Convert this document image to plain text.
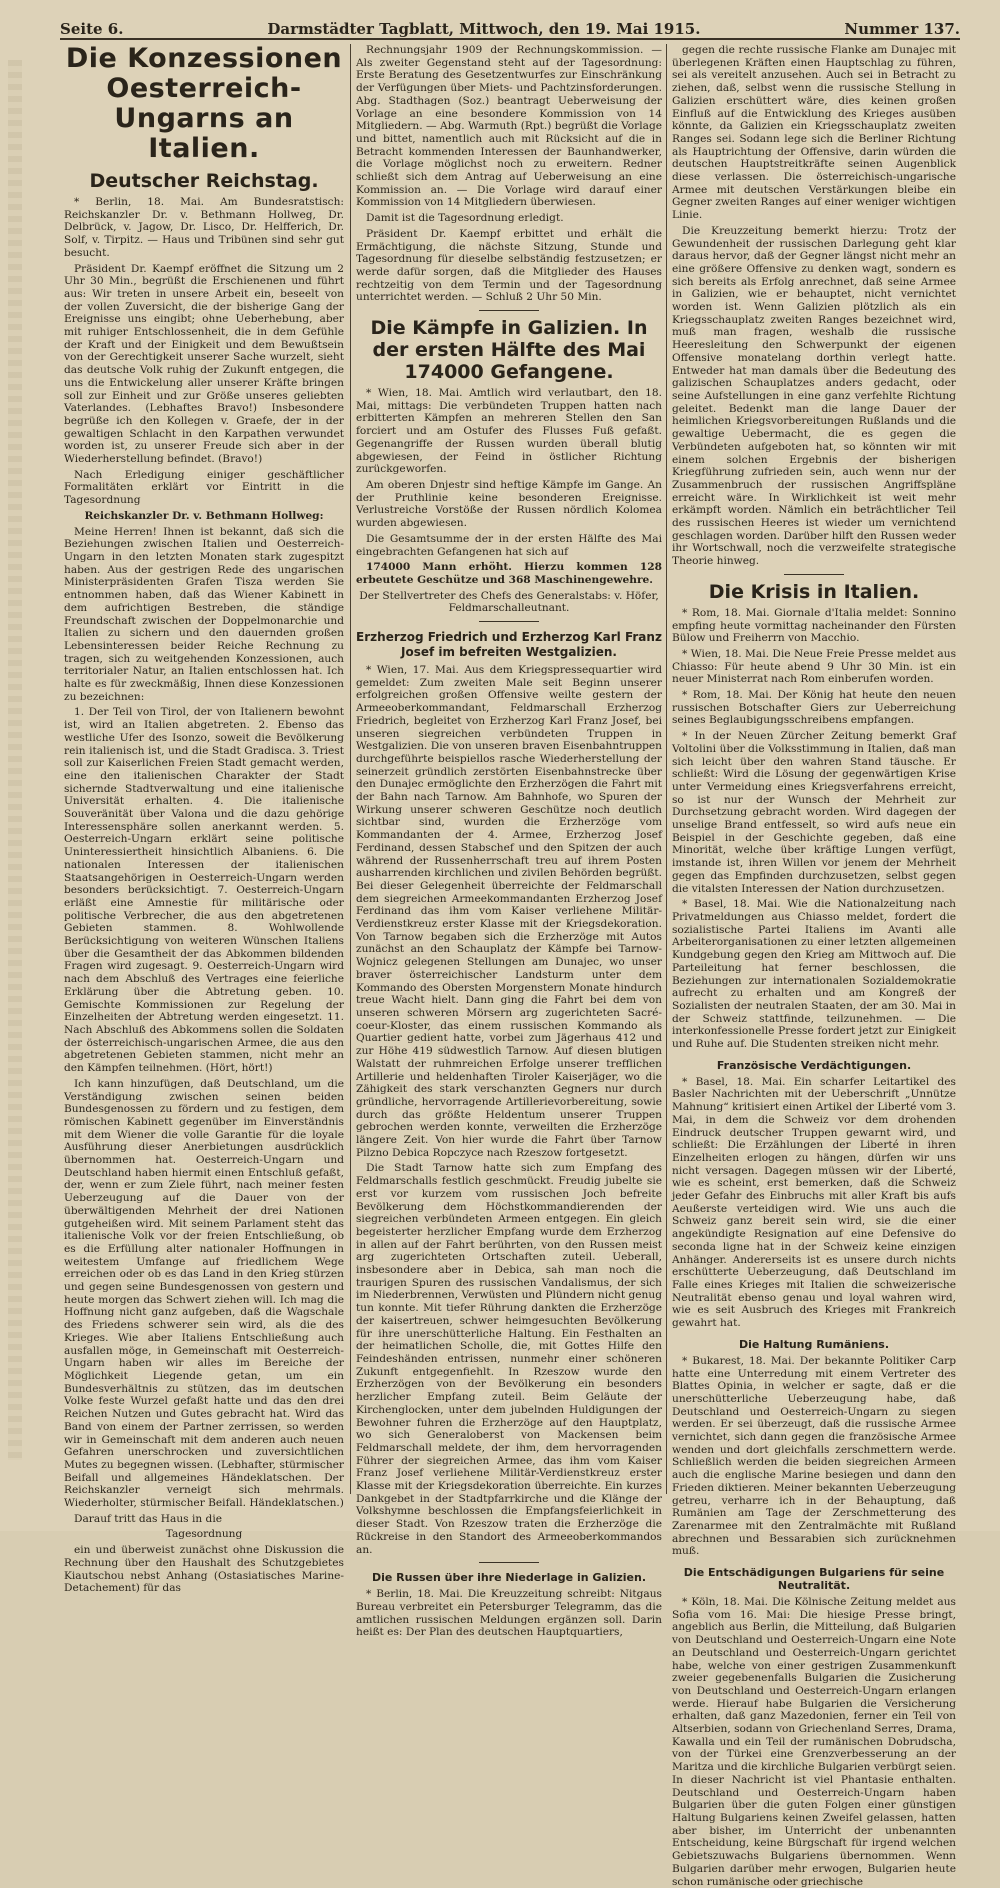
Seite 6.	Darmstädter Tagblatt, Mittwoch, den 19. Mai 1915.	Nummer 137.
Die Konzessionen Oesterreich-Ungarns an Italien.
Deutscher Reichstag.

* Berlin, 18. Mai. Am Bundesratstisch: Reichskanzler Dr. v. Bethmann Hollweg, Dr. Delbrück, v. Jagow, Dr. Lisco, Dr. Helfferich, Dr. Solf, v. Tirpitz. — Haus und Tribünen sind sehr gut besucht.

Präsident Dr. Kaempf eröffnet die Sitzung um 2 Uhr 30 Min., begrüßt die Erschienenen und führt aus: Wir treten in unsere Arbeit ein, beseelt von der vollen Zuversicht, die der bisherige Gang der Ereignisse uns eingibt; ohne Ueberhebung, aber mit ruhiger Entschlossenheit, die in dem Gefühle der Kraft und der Einigkeit und dem Bewußtsein von der Gerechtigkeit unserer Sache wurzelt, sieht das deutsche Volk ruhig der Zukunft entgegen, die uns die Entwickelung aller unserer Kräfte bringen soll zur Einheit und zur Größe unseres geliebten Vaterlandes. (Lebhaftes Bravo!) Insbesondere begrüße ich den Kollegen v. Graefe, der in der gewaltigen Schlacht in den Karpathen verwundet worden ist, zu unserer Freude sich aber in der Wiederherstellung befindet. (Bravo!)

Nach Erledigung einiger geschäftlicher Formalitäten erklärt vor Eintritt in die Tagesordnung

Reichskanzler Dr. v. Bethmann Hollweg:

Meine Herren! Ihnen ist bekannt, daß sich die Beziehungen zwischen Italien und Oesterreich-Ungarn in den letzten Monaten stark zugespitzt haben. Aus der gestrigen Rede des ungarischen Ministerpräsidenten Grafen Tisza werden Sie entnommen haben, daß das Wiener Kabinett in dem aufrichtigen Bestreben, die ständige Freundschaft zwischen der Doppelmonarchie und Italien zu sichern und den dauernden großen Lebensinteressen beider Reiche Rechnung zu tragen, sich zu weitgehenden Konzessionen, auch territorialer Natur, an Italien entschlossen hat. Ich halte es für zweckmäßig, Ihnen diese Konzessionen zu bezeichnen:

1. Der Teil von Tirol, der von Italienern bewohnt ist, wird an Italien abgetreten. 2. Ebenso das westliche Ufer des Isonzo, soweit die Bevölkerung rein italienisch ist, und die Stadt Gradisca. 3. Triest soll zur Kaiserlichen Freien Stadt gemacht werden, eine den italienischen Charakter der Stadt sichernde Stadtverwaltung und eine italienische Universität erhalten. 4. Die italienische Souveränität über Valona und die dazu gehörige Interessensphäre sollen anerkannt werden. 5. Oesterreich-Ungarn erklärt seine politische Uninteressiertheit hinsichtlich Albaniens. 6. Die nationalen Interessen der italienischen Staatsangehörigen in Oesterreich-Ungarn werden besonders berücksichtigt. 7. Oesterreich-Ungarn erläßt eine Amnestie für militärische oder politische Verbrecher, die aus den abgetretenen Gebieten stammen. 8. Wohlwollende Berücksichtigung von weiteren Wünschen Italiens über die Gesamtheit der das Abkommen bildenden Fragen wird zugesagt. 9. Oesterreich-Ungarn wird nach dem Abschluß des Vertrages eine feierliche Erklärung über die Abtretung geben. 10. Gemischte Kommissionen zur Regelung der Einzelheiten der Abtretung werden eingesetzt. 11. Nach Abschluß des Abkommens sollen die Soldaten der österreichisch-ungarischen Armee, die aus den abgetretenen Gebieten stammen, nicht mehr an den Kämpfen teilnehmen. (Hört, hört!)

Ich kann hinzufügen, daß Deutschland, um die Verständigung zwischen seinen beiden Bundesgenossen zu fördern und zu festigen, dem römischen Kabinett gegenüber im Einverständnis mit dem Wiener die volle Garantie für die loyale Ausführung dieser Anerbietungen ausdrücklich übernommen hat. Oesterreich-Ungarn und Deutschland haben hiermit einen Entschluß gefaßt, der, wenn er zum Ziele führt, nach meiner festen Ueberzeugung auf die Dauer von der überwältigenden Mehrheit der drei Nationen gutgeheißen wird. Mit seinem Parlament steht das italienische Volk vor der freien Entschließung, ob es die Erfüllung alter nationaler Hoffnungen in weitestem Umfange auf friedlichem Wege erreichen oder ob es das Land in den Krieg stürzen und gegen seine Bundesgenossen von gestern und heute morgen das Schwert ziehen will. Ich mag die Hoffnung nicht ganz aufgeben, daß die Wagschale des Friedens schwerer sein wird, als die des Krieges. Wie aber Italiens Entschließung auch ausfallen möge, in Gemeinschaft mit Oesterreich-Ungarn haben wir alles im Bereiche der Möglichkeit Liegende getan, um ein Bundesverhältnis zu stützen, das im deutschen Volke feste Wurzel gefaßt hatte und das den drei Reichen Nutzen und Gutes gebracht hat. Wird das Band von einem der Partner zerrissen, so werden wir in Gemeinschaft mit dem anderen auch neuen Gefahren unerschrocken und zuversichtlichen Mutes zu begegnen wissen. (Lebhafter, stürmischer Beifall und allgemeines Händeklatschen. Der Reichskanzler verneigt sich mehrmals. Wiederholter, stürmischer Beifall. Händeklatschen.)

Darauf tritt das Haus in die

Tagesordnung

ein und überweist zunächst ohne Diskussion die Rechnung über den Haushalt des Schutzgebietes Kiautschou nebst Anhang (Ostasiatisches Marine-Detachement) für das

Rechnungsjahr 1909 der Rechnungskommission. — Als zweiter Gegenstand steht auf der Tagesordnung: Erste Beratung des Gesetzentwurfes zur Einschränkung der Verfügungen über Miets- und Pachtzinsforderungen. Abg. Stadthagen (Soz.) beantragt Ueberweisung der Vorlage an eine besondere Kommission von 14 Mitgliedern. — Abg. Warmuth (Rpt.) begrüßt die Vorlage und bittet, namentlich auch mit Rücksicht auf die in Betracht kommenden Interessen der Baunhandwerker, die Vorlage möglichst noch zu erweitern. Redner schließt sich dem Antrag auf Ueberweisung an eine Kommission an. — Die Vorlage wird darauf einer Kommission von 14 Mitgliedern überwiesen.

Damit ist die Tagesordnung erledigt.

Präsident Dr. Kaempf erbittet und erhält die Ermächtigung, die nächste Sitzung, Stunde und Tagesordnung für dieselbe selbständig festzusetzen; er werde dafür sorgen, daß die Mitglieder des Hauses rechtzeitig von dem Termin und der Tagesordnung unterrichtet werden. — Schluß 2 Uhr 50 Min.

Die Kämpfe in Galizien. In der ersten Hälfte des Mai 174000 Gefangene.

* Wien, 18. Mai. Amtlich wird verlautbart, den 18. Mai, mittags: Die verbündeten Truppen hatten nach erbitterten Kämpfen an mehreren Stellen den San forciert und am Ostufer des Flusses Fuß gefaßt. Gegenangriffe der Russen wurden überall blutig abgewiesen, der Feind in östlicher Richtung zurückgeworfen.

Am oberen Dnjestr sind heftige Kämpfe im Gange. An der Pruthlinie keine besonderen Ereignisse. Verlustreiche Vorstöße der Russen nördlich Kolomea wurden abgewiesen.

Die Gesamtsumme der in der ersten Hälfte des Mai eingebrachten Gefangenen hat sich auf

174000 Mann erhöht. Hierzu kommen 128 erbeutete Geschütze und 368 Maschinengewehre.

Der Stellvertreter des Chefs des Generalstabs: v. Höfer, Feldmarschalleutnant.

Erzherzog Friedrich und Erzherzog Karl Franz Josef im befreiten Westgalizien.

* Wien, 17. Mai. Aus dem Kriegspressequartier wird gemeldet: Zum zweiten Male seit Beginn unserer erfolgreichen großen Offensive weilte gestern der Armeeoberkommandant, Feldmarschall Erzherzog Friedrich, begleitet von Erzherzog Karl Franz Josef, bei unseren siegreichen verbündeten Truppen in Westgalizien. Die von unseren braven Eisenbahntruppen durchgeführte beispiellos rasche Wiederherstellung der seinerzeit gründlich zerstörten Eisenbahnstrecke über den Dunajec ermöglichte den Erzherzögen die Fahrt mit der Bahn nach Tarnow. Am Bahnhofe, wo Spuren der Wirkung unserer schweren Geschütze noch deutlich sichtbar sind, wurden die Erzherzöge vom Kommandanten der 4. Armee, Erzherzog Josef Ferdinand, dessen Stabschef und den Spitzen der auch während der Russenherrschaft treu auf ihrem Posten ausharrenden kirchlichen und zivilen Behörden begrüßt. Bei dieser Gelegenheit überreichte der Feldmarschall dem siegreichen Armeekommandanten Erzherzog Josef Ferdinand das ihm vom Kaiser verliehene Militär-Verdienstkreuz erster Klasse mit der Kriegsdekoration. Von Tarnow begaben sich die Erzherzöge mit Autos zunächst an den Schauplatz der Kämpfe bei Tarnow-Wojnicz gelegenen Stellungen am Dunajec, wo unser braver österreichischer Landsturm unter dem Kommando des Obersten Morgenstern Monate hindurch treue Wacht hielt. Dann ging die Fahrt bei dem von unseren schweren Mörsern arg zugerichteten Sacré-coeur-Kloster, das einem russischen Kommando als Quartier gedient hatte, vorbei zum Jägerhaus 412 und zur Höhe 419 südwestlich Tarnow. Auf diesen blutigen Walstatt der ruhmreichen Erfolge unserer trefflichen Artillerie und heldenhaften Tiroler Kaiserjäger, wo die Zähigkeit des stark verschanzten Gegners nur durch gründliche, hervorragende Artillerievorbereitung, sowie durch das größte Heldentum unserer Truppen gebrochen werden konnte, verweilten die Erzherzöge längere Zeit. Von hier wurde die Fahrt über Tarnow Pilzno Debica Ropczyce nach Rzeszow fortgesetzt.

Die Stadt Tarnow hatte sich zum Empfang des Feldmarschalls festlich geschmückt. Freudig jubelte sie erst vor kurzem vom russischen Joch befreite Bevölkerung dem Höchstkommandierenden der siegreichen verbündeten Armeen entgegen. Ein gleich begeisterter herzlicher Empfang wurde dem Erzherzog in allen auf der Fahrt berührten, von den Russen meist arg zugerichteten Ortschaften zuteil. Ueberall, insbesondere aber in Debica, sah man noch die traurigen Spuren des russischen Vandalismus, der sich im Niederbrennen, Verwüsten und Plündern nicht genug tun konnte. Mit tiefer Rührung dankten die Erzherzöge der kaisertreuen, schwer heimgesuchten Bevölkerung für ihre unerschütterliche Haltung. Ein Festhalten an der heimatlichen Scholle, die, mit Gottes Hilfe den Feindeshänden entrissen, nunmehr einer schöneren Zukunft entgegenfiehlt. In Rzeszow wurde den Erzherzögen von der Bevölkerung ein besonders herzlicher Empfang zuteil. Beim Geläute der Kirchenglocken, unter dem jubelnden Huldigungen der Bewohner fuhren die Erzherzöge auf den Hauptplatz, wo sich Generaloberst von Mackensen beim Feldmarschall meldete, der ihm, dem hervorragenden Führer der siegreichen Armee, das ihm vom Kaiser Franz Josef verliehene Militär-Verdienstkreuz erster Klasse mit der Kriegsdekoration überreichte. Ein kurzes Dankgebet in der Stadtpfarrkirche und die Klänge der Volkshymne beschlossen die Empfangsfeierlichkeit in dieser Stadt. Von Rzeszow traten die Erzherzöge die Rückreise in den Standort des Armeeoberkommandos an.

Die Russen über ihre Niederlage in Galizien.

* Berlin, 18. Mai. Die Kreuzzeitung schreibt: Nitgaus Bureau verbreitet ein Petersburger Telegramm, das die amtlichen russischen Meldungen ergänzen soll. Darin heißt es: Der Plan des deutschen Hauptquartiers,

gegen die rechte russische Flanke am Dunajec mit überlegenen Kräften einen Hauptschlag zu führen, sei als vereitelt anzusehen. Auch sei in Betracht zu ziehen, daß, selbst wenn die russische Stellung in Galizien erschüttert wäre, dies keinen großen Einfluß auf die Entwicklung des Krieges ausüben könnte, da Galizien ein Kriegsschauplatz zweiten Ranges sei. Sodann lege sich die Berliner Richtung als Hauptrichtung der Offensive, darin würden die deutschen Hauptstreitkräfte seinen Augenblick diese verlassen. Die österreichisch-ungarische Armee mit deutschen Verstärkungen bleibe ein Gegner zweiten Ranges auf einer weniger wichtigen Linie.

Die Kreuzzeitung bemerkt hierzu: Trotz der Gewundenheit der russischen Darlegung geht klar daraus hervor, daß der Gegner längst nicht mehr an eine größere Offensive zu denken wagt, sondern es sich bereits als Erfolg anrechnet, daß seine Armee in Galizien, wie er behauptet, nicht vernichtet worden ist. Wenn Galizien plötzlich als ein Kriegsschauplatz zweiten Ranges bezeichnet wird, muß man fragen, weshalb die russische Heeresleitung den Schwerpunkt der eigenen Offensive monatelang dorthin verlegt hatte. Entweder hat man damals über die Bedeutung des galizischen Schauplatzes anders gedacht, oder seine Aufstellungen in eine ganz verfehlte Richtung geleitet. Bedenkt man die lange Dauer der heimlichen Kriegsvorbereitungen Rußlands und die gewaltige Uebermacht, die es gegen die Verbündeten aufgeboten hat, so könnten wir mit einem solchen Ergebnis der bisherigen Kriegführung zufrieden sein, auch wenn nur der Zusammenbruch der russischen Angriffspläne erreicht wäre. In Wirklichkeit ist weit mehr erkämpft worden. Nämlich ein beträchtlicher Teil des russischen Heeres ist wieder um vernichtend geschlagen worden. Darüber hilft den Russen weder ihr Wortschwall, noch die verzweifelte strategische Theorie hinweg.

Die Krisis in Italien.

* Rom, 18. Mai. Giornale d'Italia meldet: Sonnino empfing heute vormittag nacheinander den Fürsten Bülow und Freiherrn von Macchio.

* Wien, 18. Mai. Die Neue Freie Presse meldet aus Chiasso: Für heute abend 9 Uhr 30 Min. ist ein neuer Ministerrat nach Rom einberufen worden.

* Rom, 18. Mai. Der König hat heute den neuen russischen Botschafter Giers zur Ueberreichung seines Beglaubigungsschreibens empfangen.

* In der Neuen Zürcher Zeitung bemerkt Graf Voltolini über die Volksstimmung in Italien, daß man sich leicht über den wahren Stand täusche. Er schließt: Wird die Lösung der gegenwärtigen Krise unter Vermeidung eines Kriegsverfahrens erreicht, so ist nur der Wunsch der Mehrheit zur Durchsetzung gebracht worden. Wird dagegen der unselige Brand entfesselt, so wird aufs neue ein Beispiel in der Geschichte gegeben, daß eine Minorität, welche über kräftige Lungen verfügt, imstande ist, ihren Willen vor jenem der Mehrheit gegen das Empfinden durchzusetzen, selbst gegen die vitalsten Interessen der Nation durchzusetzen.

* Basel, 18. Mai. Wie die Nationalzeitung nach Privatmeldungen aus Chiasso meldet, fordert die sozialistische Partei Italiens im Avanti alle Arbeiterorganisationen zu einer letzten allgemeinen Kundgebung gegen den Krieg am Mittwoch auf. Die Parteileitung hat ferner beschlossen, die Beziehungen zur internationalen Sozialdemokratie aufrecht zu erhalten und am Kongreß der Sozialisten der neutralen Staaten, der am 30. Mai in der Schweiz stattfinde, teilzunehmen. — Die interkonfessionelle Presse fordert jetzt zur Einigkeit und Ruhe auf. Die Studenten streiken nicht mehr.

Französische Verdächtigungen.

* Basel, 18. Mai. Ein scharfer Leitartikel des Basler Nachrichten mit der Ueberschrift „Unnütze Mahnung“ kritisiert einen Artikel der Liberté vom 3. Mai, in dem die Schweiz vor dem drohenden Eindruck deutscher Truppen gewarnt wird, und schließt: Die Erzählungen der Liberté in ihren Einzelheiten erlogen zu hängen, dürfen wir uns nicht versagen. Dagegen müssen wir der Liberté, wie es scheint, erst bemerken, daß die Schweiz jeder Gefahr des Einbruchs mit aller Kraft bis aufs Aeußerste verteidigen wird. Wie uns auch die Schweiz ganz bereit sein wird, sie die einer angekündigte Resignation auf eine Defensive do seconda ligne hat in der Schweiz keine einzigen Anhänger. Andererseits ist es unsere durch nichts erschütterte Ueberzeugung, daß Deutschland im Falle eines Krieges mit Italien die schweizerische Neutralität ebenso genau und loyal wahren wird, wie es seit Ausbruch des Krieges mit Frankreich gewahrt hat.

Die Haltung Rumäniens.

* Bukarest, 18. Mai. Der bekannte Politiker Carp hatte eine Unterredung mit einem Vertreter des Blattes Opinia, in welcher er sagte, daß er die unerschütterliche Ueberzeugung habe, daß Deutschland und Oesterreich-Ungarn zu siegen werden. Er sei überzeugt, daß die russische Armee vernichtet, sich dann gegen die französische Armee wenden und dort gleichfalls zerschmettern werde. Schließlich werden die beiden siegreichen Armeen auch die englische Marine besiegen und dann den Frieden diktieren. Meiner bekannten Ueberzeugung getreu, verharre ich in der Behauptung, daß Rumänien am Tage der Zerschmetterung des Zarenarmee mit den Zentralmächte mit Rußland abrechnen und Bessarabien sich zurücknehmen muß.

Die Entschädigungen Bulgariens für seine Neutralität.

* Köln, 18. Mai. Die Kölnische Zeitung meldet aus Sofia vom 16. Mai: Die hiesige Presse bringt, angeblich aus Berlin, die Mitteilung, daß Bulgarien von Deutschland und Oesterreich-Ungarn eine Note an Deutschland und Oesterreich-Ungarn gerichtet habe, welche von einer gestrigen Zusammenkunft zweier gegebenenfalls Bulgarien die Zusicherung von Deutschland und Oesterreich-Ungarn erlangen werde. Hierauf habe Bulgarien die Versicherung erhalten, daß ganz Mazedonien, ferner ein Teil von Altserbien, sodann von Griechenland Serres, Drama, Kawalla und ein Teil der rumänischen Dobrudscha, von der Türkei eine Grenzverbesserung an der Maritza und die kirchliche Bulgarien verbürgt seien. In dieser Nachricht ist viel Phantasie enthalten. Deutschland und Oesterreich-Ungarn haben Bulgarien über die guten Folgen einer günstigen Haltung Bulgariens keinen Zweifel gelassen, hatten aber bisher, im Unterricht der unbenannten Entscheidung, keine Bürgschaft für irgend welchen Gebietszuwachs Bulgariens übernommen. Wenn Bulgarien darüber mehr erwogen, Bulgarien heute schon rumänische oder griechische
